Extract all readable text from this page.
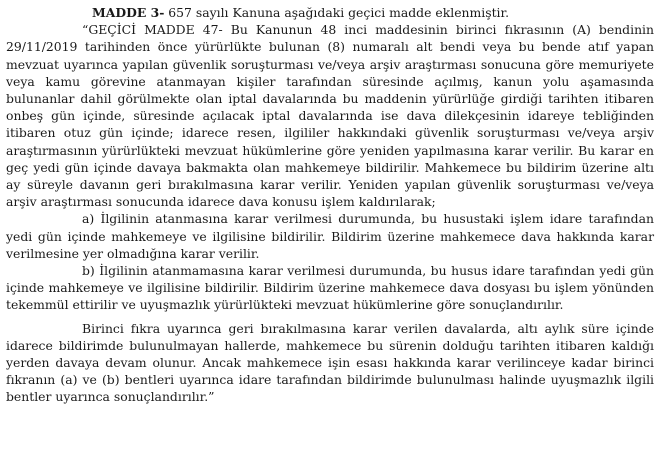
MADDE 3- 657 sayılı Kanuna aşağıdaki geçici madde eklenmiştir.

“GEÇİCİ MADDE 47- Bu Kanunun 48 inci maddesinin birinci fıkrasının (A) bendinin 29/11/2019 tarihinden önce yürürlükte bulunan (8) numaralı alt bendi veya bu bende atıf yapan mevzuat uyarınca yapılan güvenlik soruşturması ve/veya arşiv araştırması sonucuna göre memuriyete veya kamu görevine atanmayan kişiler tarafından süresinde açılmış, kanun yolu aşamasında bulunanlar dahil görülmekte olan iptal davalarında bu maddenin yürürlüğe girdiği tarihten itibaren onbeş gün içinde, süresinde açılacak iptal davalarında ise dava dilekçesinin idareye tebliğinden itibaren otuz gün içinde; idarece resen, ilgililer hakkındaki güvenlik soruşturması ve/veya arşiv araştırmasının yürürlükteki mevzuat hükümlerine göre yeniden yapılmasına karar verilir. Bu karar en geç yedi gün içinde davaya bakmakta olan mahkemeye bildirilir. Mahkemece bu bildirim üzerine altı ay süreyle davanın geri bırakılmasına karar verilir. Yeniden yapılan güvenlik soruşturması ve/veya arşiv araştırması sonucunda idarece dava konusu işlem kaldırılarak;

a) İlgilinin atanmasına karar verilmesi durumunda, bu husustaki işlem idare tarafından yedi gün içinde mahkemeye ve ilgilisine bildirilir. Bildirim üzerine mahkemece dava hakkında karar verilmesine yer olmadığına karar verilir.

b) İlgilinin atanmamasına karar verilmesi durumunda, bu husus idare tarafından yedi gün içinde mahkemeye ve ilgilisine bildirilir. Bildirim üzerine mahkemece dava dosyası bu işlem yönünden tekemmül ettirilir ve uyuşmazlık yürürlükteki mevzuat hükümlerine göre sonuçlandırılır.

Birinci fıkra uyarınca geri bırakılmasına karar verilen davalarda, altı aylık süre içinde idarece bildirimde bulunulmayan hallerde, mahkemece bu sürenin dolduğu tarihten itibaren kaldığı yerden davaya devam olunur. Ancak mahkemece işin esası hakkında karar verilinceye kadar birinci fıkranın (a) ve (b) bentleri uyarınca idare tarafından bildirimde bulunulması halinde uyuşmazlık ilgili bentler uyarınca sonuçlandırılır.”
